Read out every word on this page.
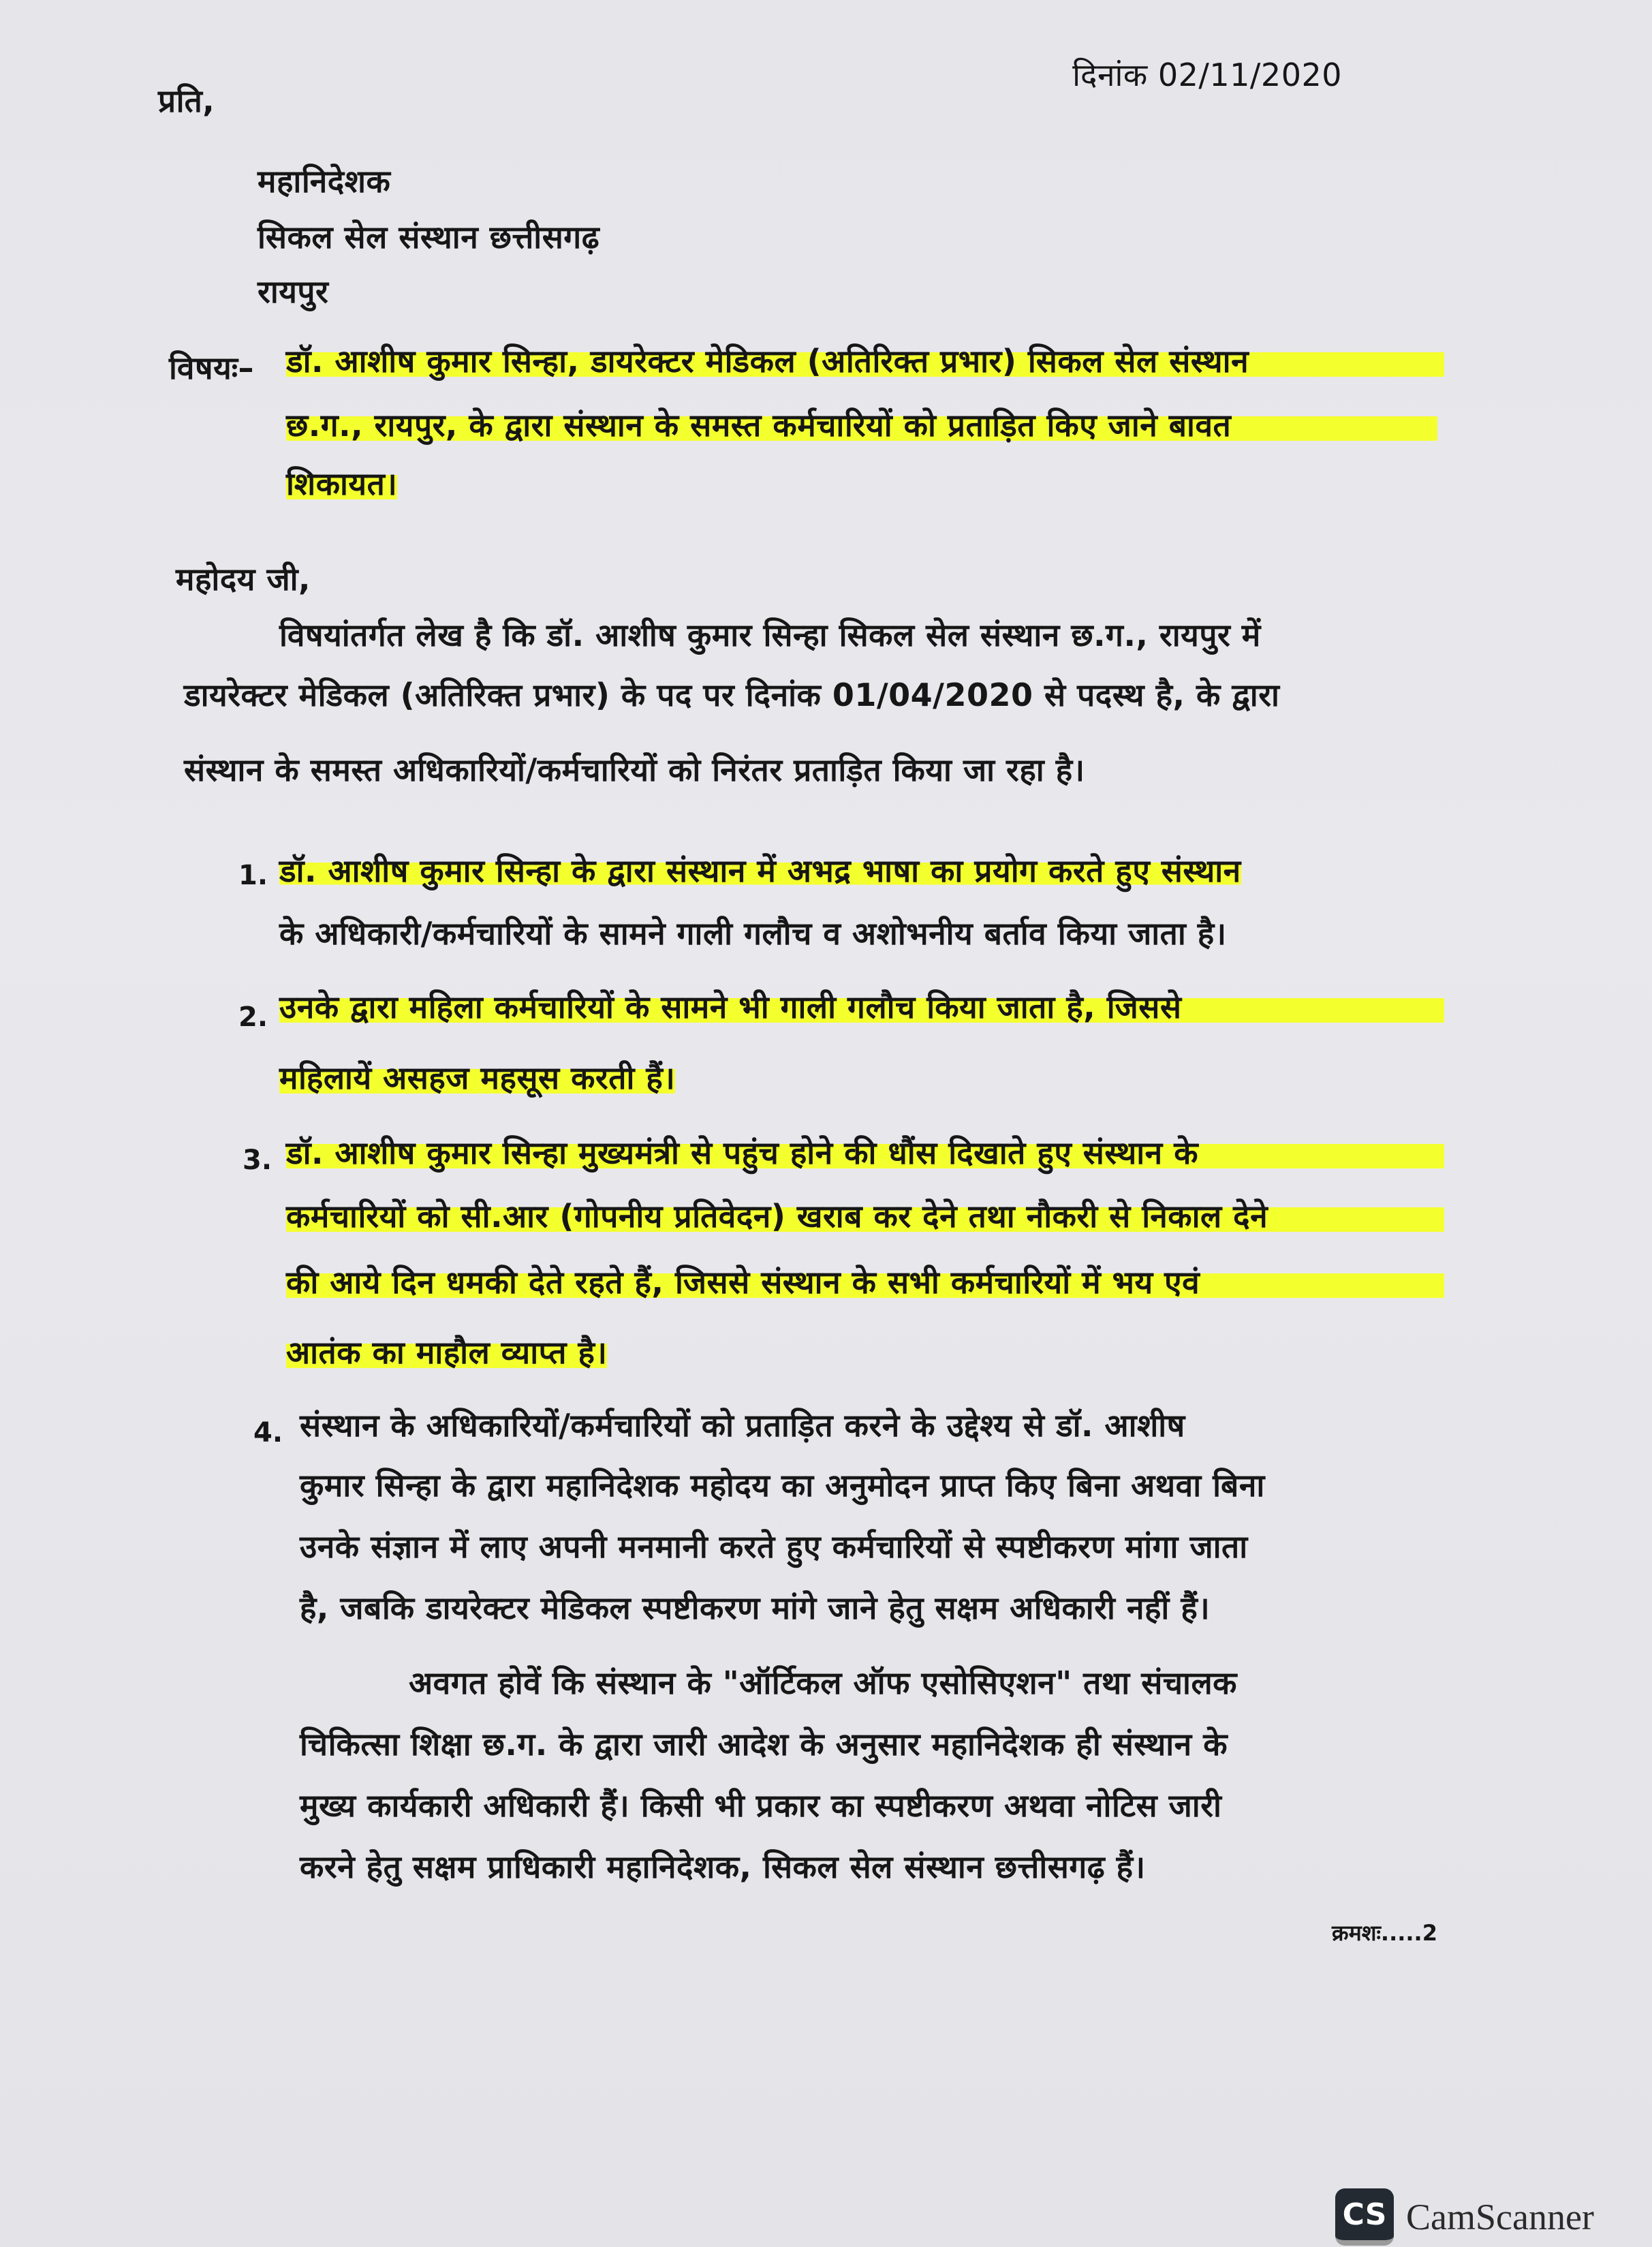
प्रति,
दिनांक 02/11/2020
महानिदेशक
सिकल सेल संस्थान छत्तीसगढ़
रायपुर
विषयः– डॉ. आशीष कुमार सिन्हा, डायरेक्टर मेडिकल (अतिरिक्त प्रभार) सिकल सेल संस्थान
छ.ग., रायपुर, के द्वारा संस्थान के समस्त कर्मचारियों को प्रताड़ित किए जाने बावत
शिकायत।
महोदय जी,
विषयांतर्गत लेख है कि डॉ. आशीष कुमार सिन्हा सिकल सेल संस्थान छ.ग., रायपुर में
डायरेक्टर मेडिकल (अतिरिक्त प्रभार) के पद पर दिनांक 01/04/2020 से पदस्थ है, के द्वारा
संस्थान के समस्त अधिकारियों/कर्मचारियों को निरंतर प्रताड़ित किया जा रहा है।
1. डॉ. आशीष कुमार सिन्हा के द्वारा संस्थान में अभद्र भाषा का प्रयोग करते हुए संस्थान
के अधिकारी/कर्मचारियों के सामने गाली गलौच व अशोभनीय बर्ताव किया जाता है।
2. उनके द्वारा महिला कर्मचारियों के सामने भी गाली गलौच किया जाता है, जिससे
महिलायें असहज महसूस करती हैं।
3. डॉ. आशीष कुमार सिन्हा मुख्यमंत्री से पहुंच होने की धौंस दिखाते हुए संस्थान के
कर्मचारियों को सी.आर (गोपनीय प्रतिवेदन) खराब कर देने तथा नौकरी से निकाल देने
की आये दिन धमकी देते रहते हैं, जिससे संस्थान के सभी कर्मचारियों में भय एवं
आतंक का माहौल व्याप्त है।
4. संस्थान के अधिकारियों/कर्मचारियों को प्रताड़ित करने के उद्देश्य से डॉ. आशीष
कुमार सिन्हा के द्वारा महानिदेशक महोदय का अनुमोदन प्राप्त किए बिना अथवा बिना
उनके संज्ञान में लाए अपनी मनमानी करते हुए कर्मचारियों से स्पष्टीकरण मांगा जाता
है, जबकि डायरेक्टर मेडिकल स्पष्टीकरण मांगे जाने हेतु सक्षम अधिकारी नहीं हैं।
अवगत होवें कि संस्थान के "ऑर्टिकल ऑफ एसोसिएशन" तथा संचालक
चिकित्सा शिक्षा छ.ग. के द्वारा जारी आदेश के अनुसार महानिदेशक ही संस्थान के
मुख्य कार्यकारी अधिकारी हैं। किसी भी प्रकार का स्पष्टीकरण अथवा नोटिस जारी
करने हेतु सक्षम प्राधिकारी महानिदेशक, सिकल सेल संस्थान छत्तीसगढ़ हैं।
क्रमशः.....2
CS CamScanner
